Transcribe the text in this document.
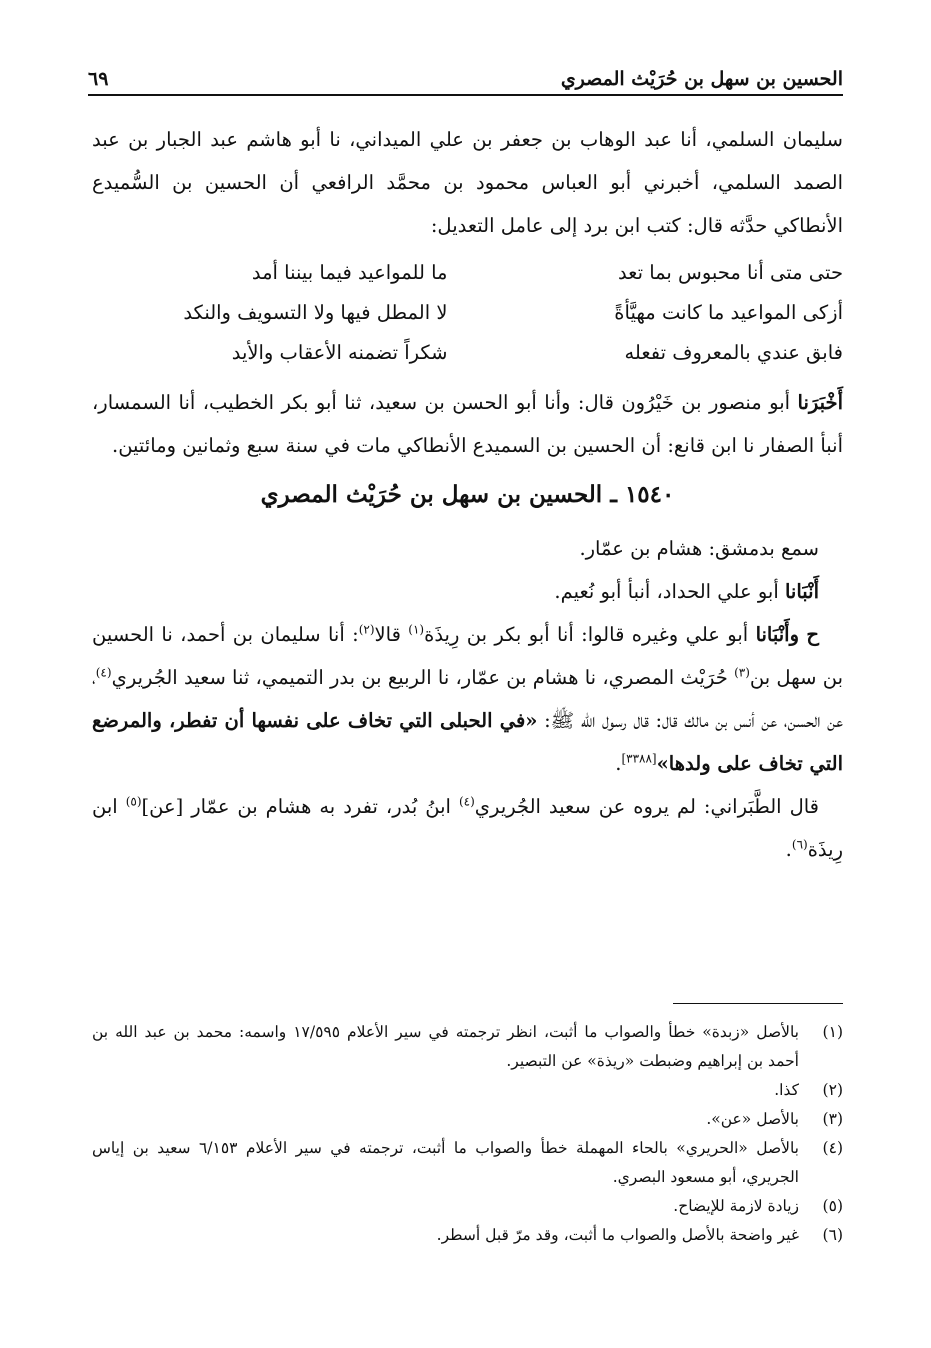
الحسين بن سهل بن حُرَيْث المصري
٦٩

سليمان السلمي، أنا عبد الوهاب بن جعفر بن علي الميداني، نا أبو هاشم عبد الجبار بن عبد الصمد السلمي، أخبرني أبو العباس محمود بن محمَّد الرافعي أن الحسين بن السُّميدع الأنطاكي حدَّثه قال: كتب ابن برد إلى عامل التعديل:

حتى متى أنا محبوس بما تعد
ما للمواعيد فيما بيننا أمد
أزكى المواعيد ما كانت مهيَّأةً
لا المطل فيها ولا التسويف والنكد
فابق عندي بالمعروف تفعله
شكراً تضمنه الأعقاب والأيد

أَخْبَرَنا أبو منصور بن خَيْرُون قال: وأنا أبو الحسن بن سعيد، ثنا أبو بكر الخطيب، أنا السمسار، أنبأ الصفار نا ابن قانع: أن الحسين بن السميدع الأنطاكي مات في سنة سبع وثمانين ومائتين.

١٥٤٠ ـ الحسين بن سهل بن حُرَيْث المصري

سمع بدمشق: هشام بن عمّار.

أَنْبَانا أبو علي الحداد، أنبأ أبو نُعيم.

ح وأَنْبَانا أبو علي وغيره قالوا: أنا أبو بكر بن رِيذَة$^{(١)}$ قالا$^{(٢)}$: أنا سليمان بن أحمد، نا الحسين بن سهل بن$^{(٣)}$ حُرَيْث المصري، نا هشام بن عمّار، نا الربيع بن بدر التميمي، ثنا سعيد الجُريري$^{(٤)}$، عن الحسن، عن أنس بن مالك قال: قال رسول الله ﷺ: «في الحبلى التي تخاف على نفسها أن تفطر، والمرضع التي تخاف على ولدها»[٣٣٨٨].

قال الطَّبَراني: لم يروه عن سعيد الجُريري$^{(٤)}$ ابنُ بُدر، تفرد به هشام بن عمّار [عن]$^{(٥)}$ ابن رِيذَة$^{(٦)}$.

(١)
بالأصل «زبدة» خطأ والصواب ما أثبت، انظر ترجمته في سير الأعلام ١٧/٥٩٥ واسمه: محمد بن عبد الله بن أحمد بن إبراهيم وضبطت «ريذة» عن التبصير.
(٢)
كذا.
(٣)
بالأصل «عن».
(٤)
بالأصل «الحريري» بالحاء المهملة خطأ والصواب ما أثبت، ترجمته في سير الأعلام ٦/١٥٣ سعيد بن إياس الجريري، أبو مسعود البصري.
(٥)
زيادة لازمة للإيضاح.
(٦)
غير واضحة بالأصل والصواب ما أثبت، وقد مرّ قبل أسطر.
